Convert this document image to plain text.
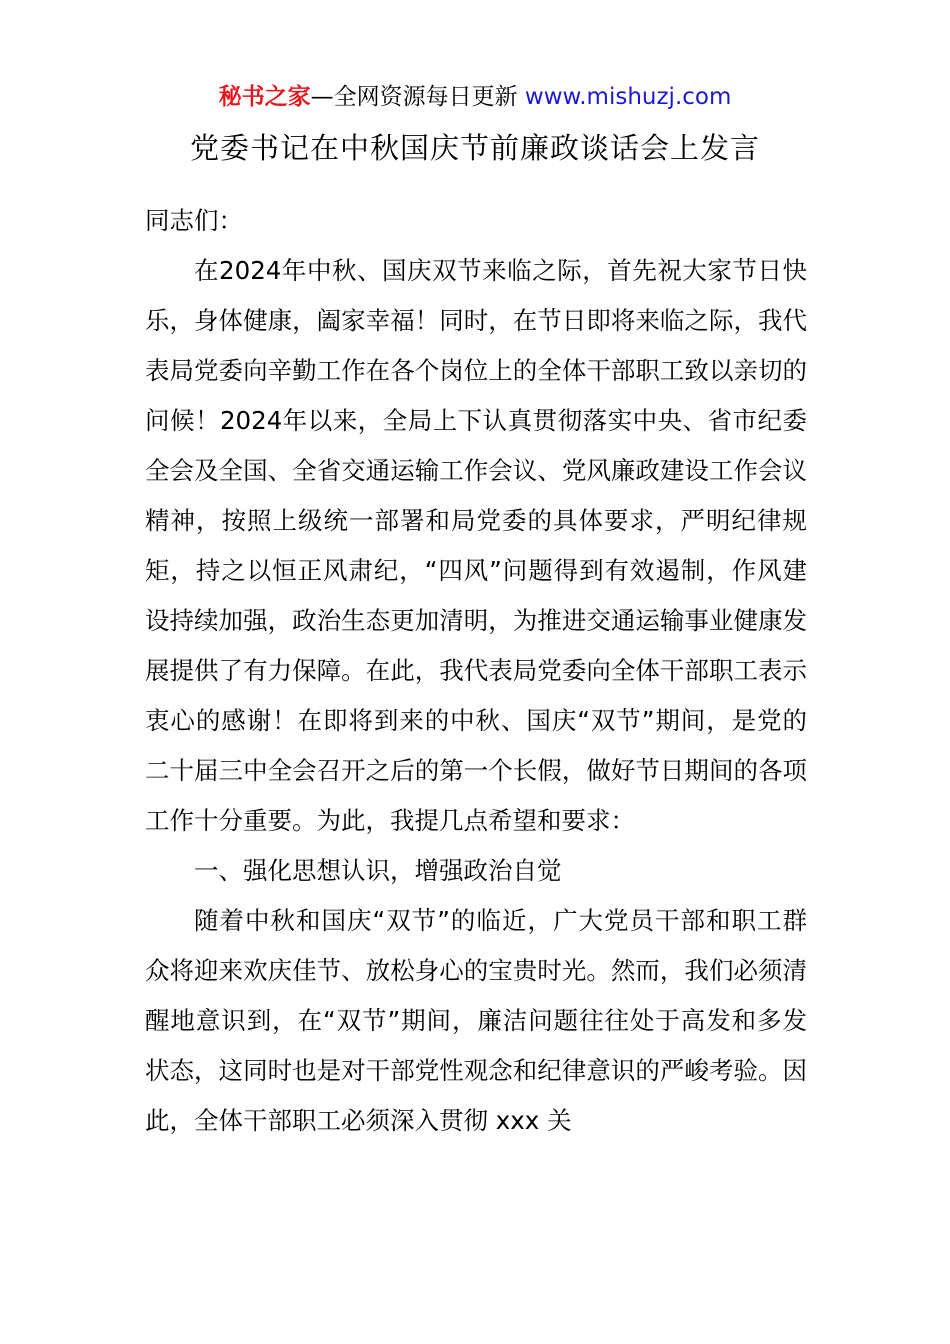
秘书之家—全网资源每日更新 www.mishuzj.com
党委书记在中秋国庆节前廉政谈话会上发言

同志们：

在2024年中秋、国庆双节来临之际，首先祝大家节日快乐，身体健康，阖家幸福！同时，在节日即将来临之际，我代表局党委向辛勤工作在各个岗位上的全体干部职工致以亲切的问候！2024年以来，全局上下认真贯彻落实中央、省市纪委全会及全国、全省交通运输工作会议、党风廉政建设工作会议精神，按照上级统一部署和局党委的具体要求，严明纪律规矩，持之以恒正风肃纪，“四风”问题得到有效遏制，作风建设持续加强，政治生态更加清明，为推进交通运输事业健康发展提供了有力保障。在此，我代表局党委向全体干部职工表示衷心的感谢！在即将到来的中秋、国庆“双节”期间，是党的二十届三中全会召开之后的第一个长假，做好节日期间的各项工作十分重要。为此，我提几点希望和要求：

一、强化思想认识，增强政治自觉

随着中秋和国庆“双节”的临近，广大党员干部和职工群众将迎来欢庆佳节、放松身心的宝贵时光。然而，我们必须清醒地意识到，在“双节”期间，廉洁问题往往处于高发和多发状态，这同时也是对干部党性观念和纪律意识的严峻考验。因此，全体干部职工必须深入贯彻 xxx 关
